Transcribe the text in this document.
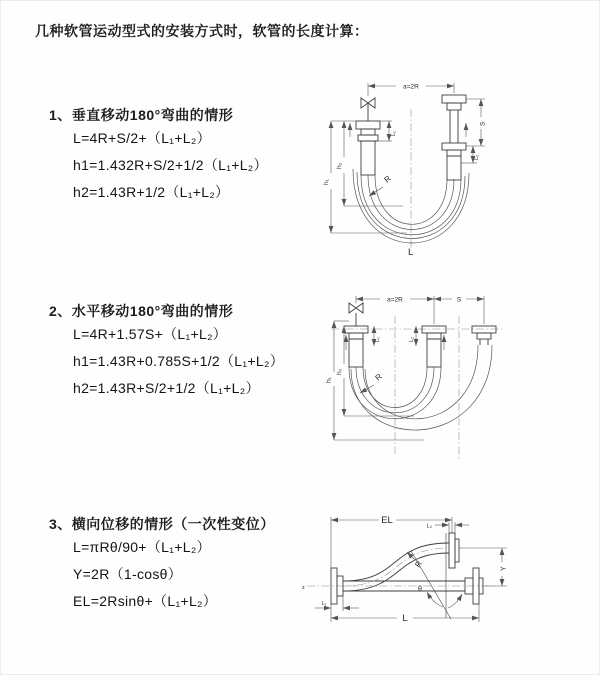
几种软管运动型式的安装方式时，软管的长度计算：

1、垂直移动180°弯曲的情形

L=4R+S/2+（L₁+L₂）

h1=1.432R+S/2+1/2（L₁+L₂）

h2=1.43R+1/2（L₁+L₂）

2、水平移动180°弯曲的情形

L=4R+1.57S+（L₁+L₂）

h1=1.43R+0.785S+1/2（L₁+L₂）

h2=1.43R+S/2+1/2（L₁+L₂）

3、横向位移的情形（一次性变位）

L=πRθ/90+（L₁+L₂）

Y=2R（1-cosθ）

EL=2Rsinθ+（L₁+L₂）

a=2R
h₁
h₂
L₁
S
L₂
R
L
a=2R	S
h₁
h₂
L₁	L₂
R
z	θ
EL
L₂
Y
L
L₁
R
